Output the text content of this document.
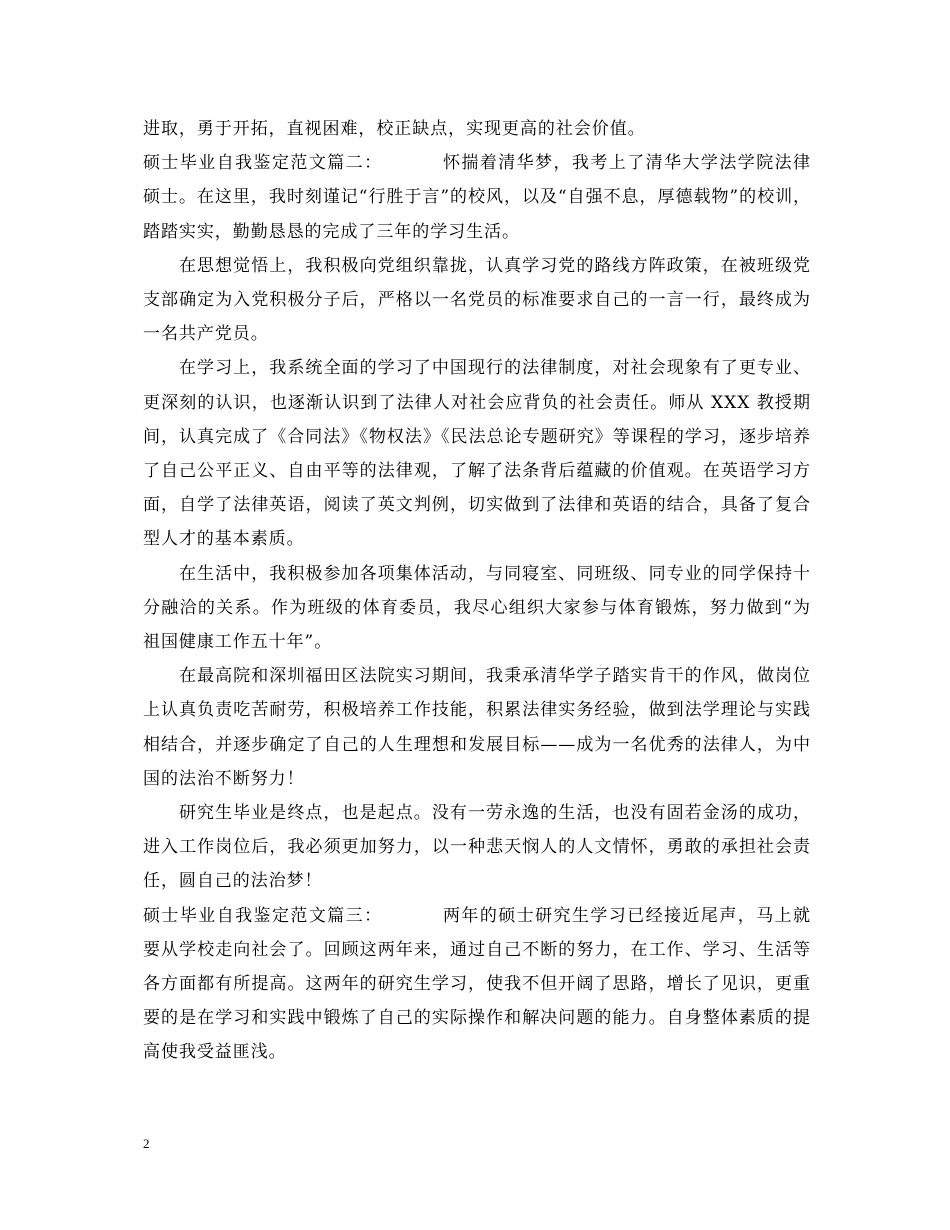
进取，勇于开拓，直视困难，校正缺点，实现更高的社会价值。

硕士毕业自我鉴定范文篇二：	怀揣着清华梦，我考上了清华大学法学院法律硕士。在这里，我时刻谨记“行胜于言”的校风，以及“自强不息，厚德载物”的校训，踏踏实实，勤勤恳恳的完成了三年的学习生活。

在思想觉悟上，我积极向党组织靠拢，认真学习党的路线方阵政策，在被班级党支部确定为入党积极分子后，严格以一名党员的标准要求自己的一言一行，最终成为一名共产党员。

在学习上，我系统全面的学习了中国现行的法律制度，对社会现象有了更专业、更深刻的认识，也逐渐认识到了法律人对社会应背负的社会责任。师从 XXX 教授期间，认真完成了《合同法》《物权法》《民法总论专题研究》等课程的学习，逐步培养了自己公平正义、自由平等的法律观，了解了法条背后蕴藏的价值观。在英语学习方面，自学了法律英语，阅读了英文判例，切实做到了法律和英语的结合，具备了复合型人才的基本素质。

在生活中，我积极参加各项集体活动，与同寝室、同班级、同专业的同学保持十分融洽的关系。作为班级的体育委员，我尽心组织大家参与体育锻炼，努力做到“为祖国健康工作五十年”。

在最高院和深圳福田区法院实习期间，我秉承清华学子踏实肯干的作风，做岗位上认真负责吃苦耐劳，积极培养工作技能，积累法律实务经验，做到法学理论与实践相结合，并逐步确定了自己的人生理想和发展目标——成为一名优秀的法律人，为中国的法治不断努力！

研究生毕业是终点，也是起点。没有一劳永逸的生活，也没有固若金汤的成功，进入工作岗位后，我必须更加努力，以一种悲天悯人的人文情怀，勇敢的承担社会责任，圆自己的法治梦！

硕士毕业自我鉴定范文篇三：	两年的硕士研究生学习已经接近尾声，马上就要从学校走向社会了。回顾这两年来，通过自己不断的努力，在工作、学习、生活等各方面都有所提高。这两年的研究生学习，使我不但开阔了思路，增长了见识，更重要的是在学习和实践中锻炼了自己的实际操作和解决问题的能力。自身整体素质的提高使我受益匪浅。

2
